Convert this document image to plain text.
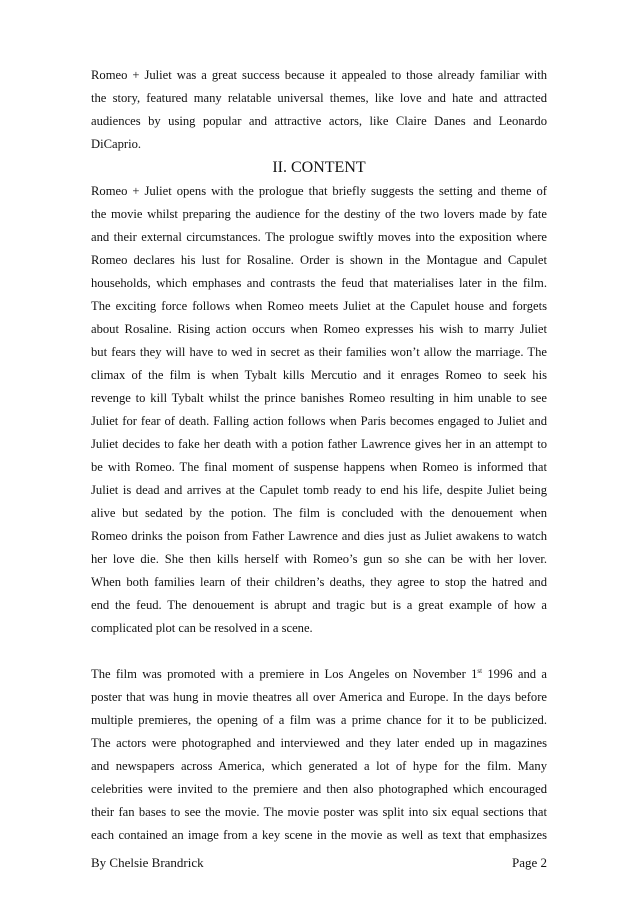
Romeo + Juliet was a great success because it appealed to those already familiar with
the story, featured many relatable universal themes, like love and hate and attracted
audiences by using popular and attractive actors, like Claire Danes and Leonardo
DiCaprio.
II. CONTENT
Romeo + Juliet opens with the prologue that briefly suggests the setting and theme of
the movie whilst preparing the audience for the destiny of the two lovers made by fate
and their external circumstances. The prologue swiftly moves into the exposition where
Romeo declares his lust for Rosaline. Order is shown in the Montague and Capulet
households, which emphases and contrasts the feud that materialises later in the film.
The exciting force follows when Romeo meets Juliet at the Capulet house and forgets
about Rosaline. Rising action occurs when Romeo expresses his wish to marry Juliet
but fears they will have to wed in secret as their families won’t allow the marriage. The
climax of the film is when Tybalt kills Mercutio and it enrages Romeo to seek his
revenge to kill Tybalt whilst the prince banishes Romeo resulting in him unable to see
Juliet for fear of death. Falling action follows when Paris becomes engaged to Juliet and
Juliet decides to fake her death with a potion father Lawrence gives her in an attempt to
be with Romeo. The final moment of suspense happens when Romeo is informed that
Juliet is dead and arrives at the Capulet tomb ready to end his life, despite Juliet being
alive but sedated by the potion. The film is concluded with the denouement when
Romeo drinks the poison from Father Lawrence and dies just as Juliet awakens to watch
her love die. She then kills herself with Romeo’s gun so she can be with her lover.
When both families learn of their children’s deaths, they agree to stop the hatred and
end the feud. The denouement is abrupt and tragic but is a great example of how a
complicated plot can be resolved in a scene.
The film was promoted with a premiere in Los Angeles on November 1st 1996 and a
poster that was hung in movie theatres all over America and Europe. In the days before
multiple premieres, the opening of a film was a prime chance for it to be publicized.
The actors were photographed and interviewed and they later ended up in magazines
and newspapers across America, which generated a lot of hype for the film. Many
celebrities were invited to the premiere and then also photographed which encouraged
their fan bases to see the movie. The movie poster was split into six equal sections that
each contained an image from a key scene in the movie as well as text that emphasizes
By Chelsie Brandrick	Page 2
